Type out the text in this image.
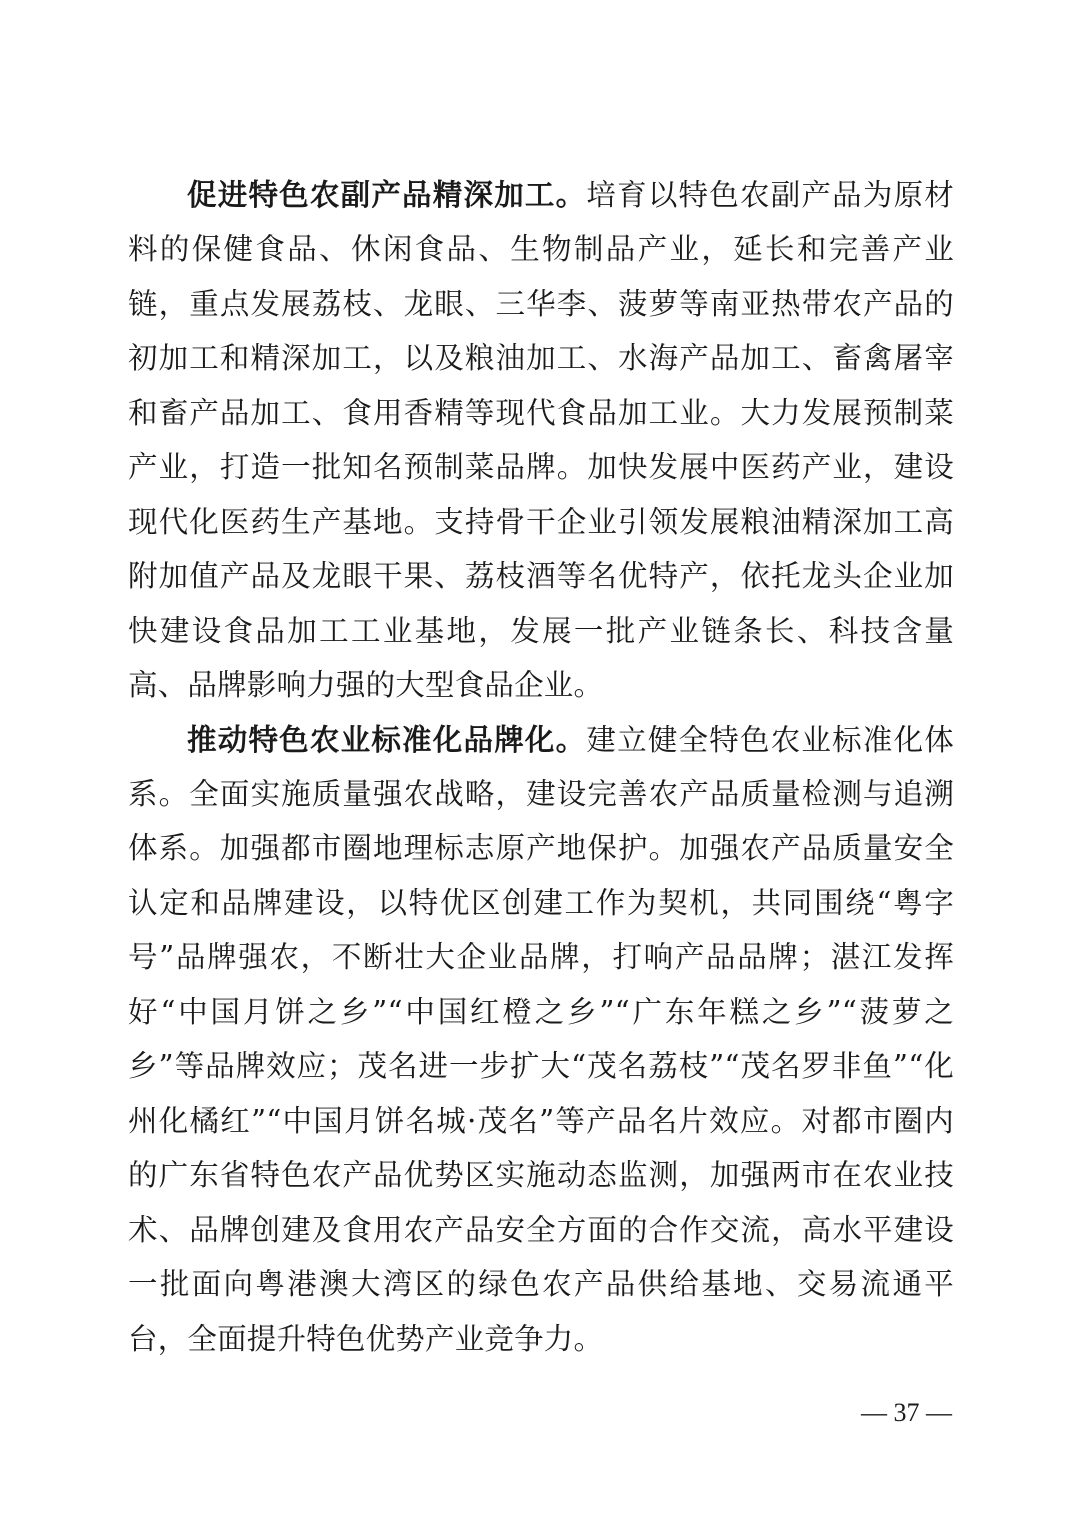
促进特色农副产品精深加工。培育以特色农副产品为原材料的保健食品、休闲食品、生物制品产业，延长和完善产业链，重点发展荔枝、龙眼、三华李、菠萝等南亚热带农产品的初加工和精深加工，以及粮油加工、水海产品加工、畜禽屠宰和畜产品加工、食用香精等现代食品加工业。大力发展预制菜产业，打造一批知名预制菜品牌。加快发展中医药产业，建设现代化医药生产基地。支持骨干企业引领发展粮油精深加工高附加值产品及龙眼干果、荔枝酒等名优特产，依托龙头企业加快建设食品加工工业基地，发展一批产业链条长、科技含量高、品牌影响力强的大型食品企业。

推动特色农业标准化品牌化。建立健全特色农业标准化体系。全面实施质量强农战略，建设完善农产品质量检测与追溯体系。加强都市圈地理标志原产地保护。加强农产品质量安全认定和品牌建设，以特优区创建工作为契机，共同围绕“粤字号”品牌强农，不断壮大企业品牌，打响产品品牌；湛江发挥好“中国月饼之乡”“中国红橙之乡”“广东年糕之乡”“菠萝之乡”等品牌效应；茂名进一步扩大“茂名荔枝”“茂名罗非鱼”“化州化橘红”“中国月饼名城·茂名”等产品名片效应。对都市圈内的广东省特色农产品优势区实施动态监测，加强两市在农业技术、品牌创建及食用农产品安全方面的合作交流，高水平建设一批面向粤港澳大湾区的绿色农产品供给基地、交易流通平台，全面提升特色优势产业竞争力。

— 37 —
